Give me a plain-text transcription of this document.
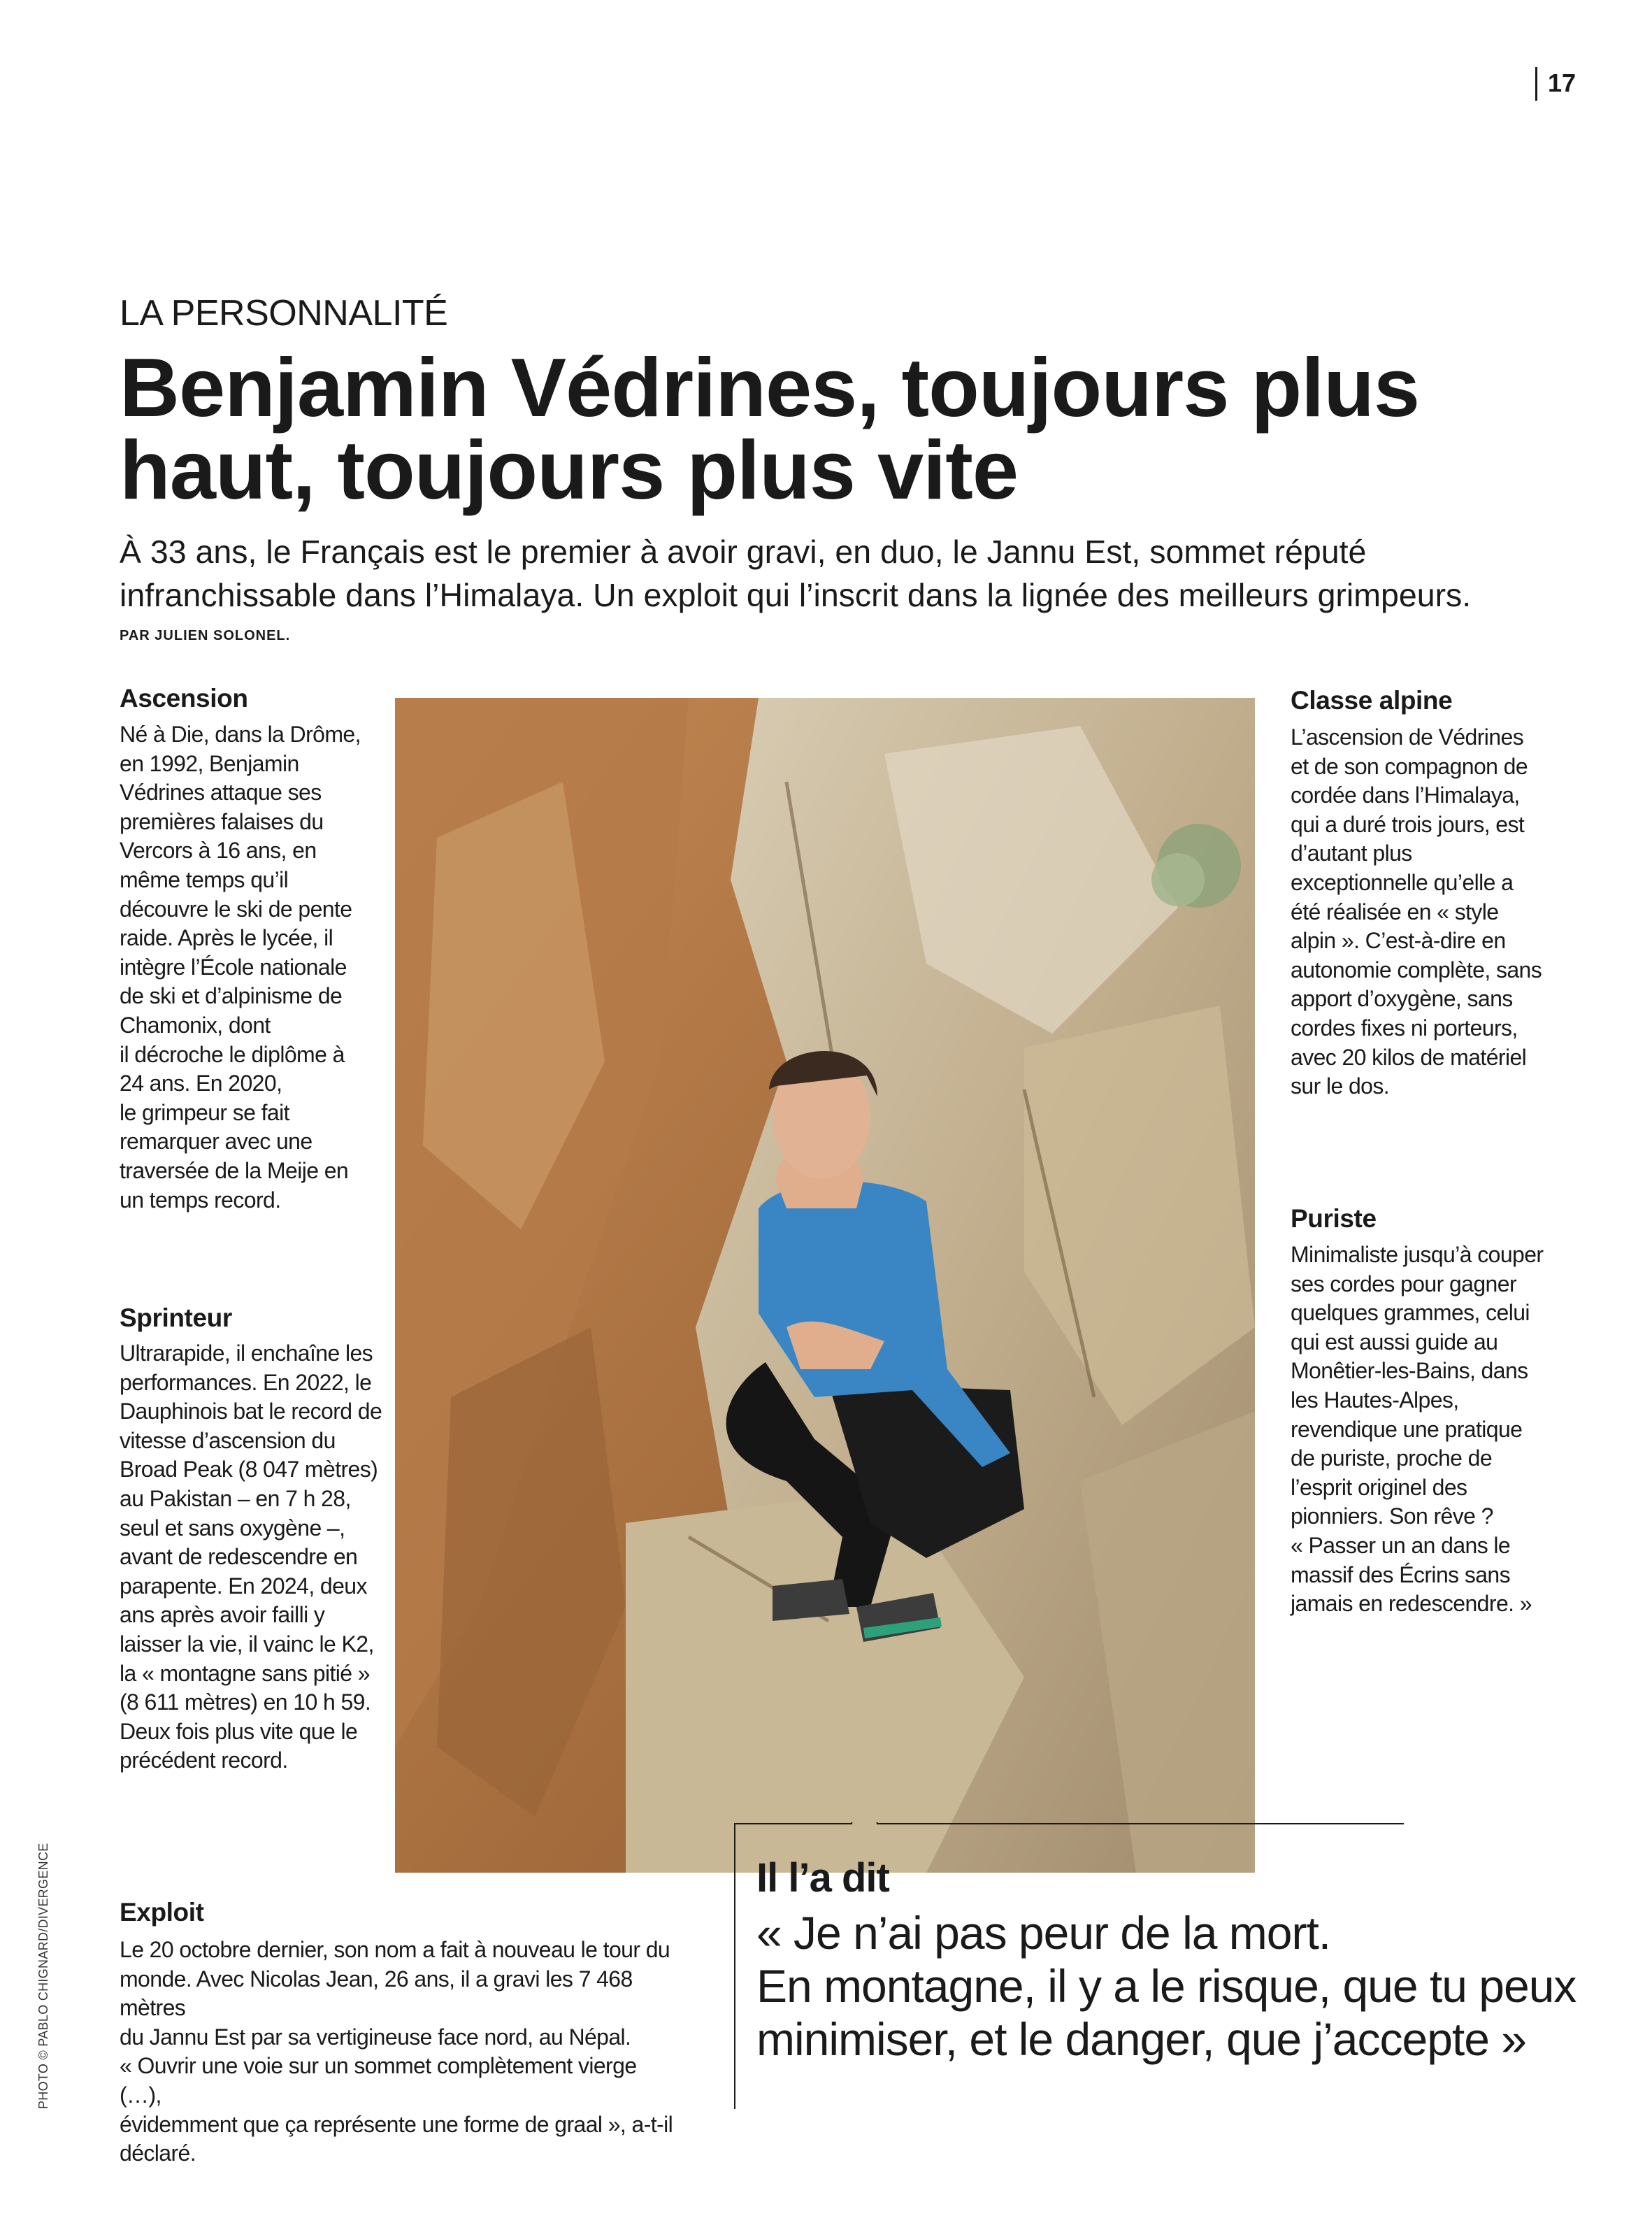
17
LA PERSONNALITÉ
Benjamin Védrines, toujours plus haut, toujours plus vite
À 33 ans, le Français est le premier à avoir gravi, en duo, le Jannu Est, sommet réputé infranchissable dans l’Himalaya. Un exploit qui l’inscrit dans la lignée des meilleurs grimpeurs.
PAR JULIEN SOLONEL.
Ascension
Né à Die, dans la Drôme,
en 1992, Benjamin
Védrines attaque ses
premières falaises du
Vercors à 16 ans, en
même temps qu’il
découvre le ski de pente
raide. Après le lycée, il
intègre l’École nationale
de ski et d’alpinisme de
Chamonix, dont
il décroche le diplôme à
24 ans. En 2020,
le grimpeur se fait
remarquer avec une
traversée de la Meije en
un temps record.
Sprinteur
Ultrarapide, il enchaîne les
performances. En 2022, le
Dauphinois bat le record de
vitesse d’ascension du
Broad Peak (8 047 mètres)
au Pakistan – en 7 h 28,
seul et sans oxygène –,
avant de redescendre en
parapente. En 2024, deux
ans après avoir failli y
laisser la vie, il vainc le K2,
la « montagne sans pitié »
(8 611 mètres) en 10 h 59.
Deux fois plus vite que le
précédent record.
PHOTO © PABLO CHIGNARD/DIVERGENCE
Classe alpine
L’ascension de Védrines
et de son compagnon de
cordée dans l’Himalaya,
qui a duré trois jours, est
d’autant plus
exceptionnelle qu’elle a
été réalisée en « style
alpin ». C’est-à-dire en
autonomie complète, sans
apport d’oxygène, sans
cordes fixes ni porteurs,
avec 20 kilos de matériel
sur le dos.
Puriste
Minimaliste jusqu’à couper
ses cordes pour gagner
quelques grammes, celui
qui est aussi guide au
Monêtier-les-Bains, dans
les Hautes-Alpes,
revendique une pratique
de puriste, proche de
l’esprit originel des
pionniers. Son rêve ?
« Passer un an dans le
massif des Écrins sans
jamais en redescendre. »
Exploit
Le 20 octobre dernier, son nom a fait à nouveau le tour du
monde. Avec Nicolas Jean, 26 ans, il a gravi les 7 468 mètres
du Jannu Est par sa vertigineuse face nord, au Népal.
« Ouvrir une voie sur un sommet complètement vierge (…),
évidemment que ça représente une forme de graal », a-t-il
déclaré.
Il l’a dit
« Je n’ai pas peur de la mort.
En montagne, il y a le risque, que tu peux
minimiser, et le danger, que j’accepte »
